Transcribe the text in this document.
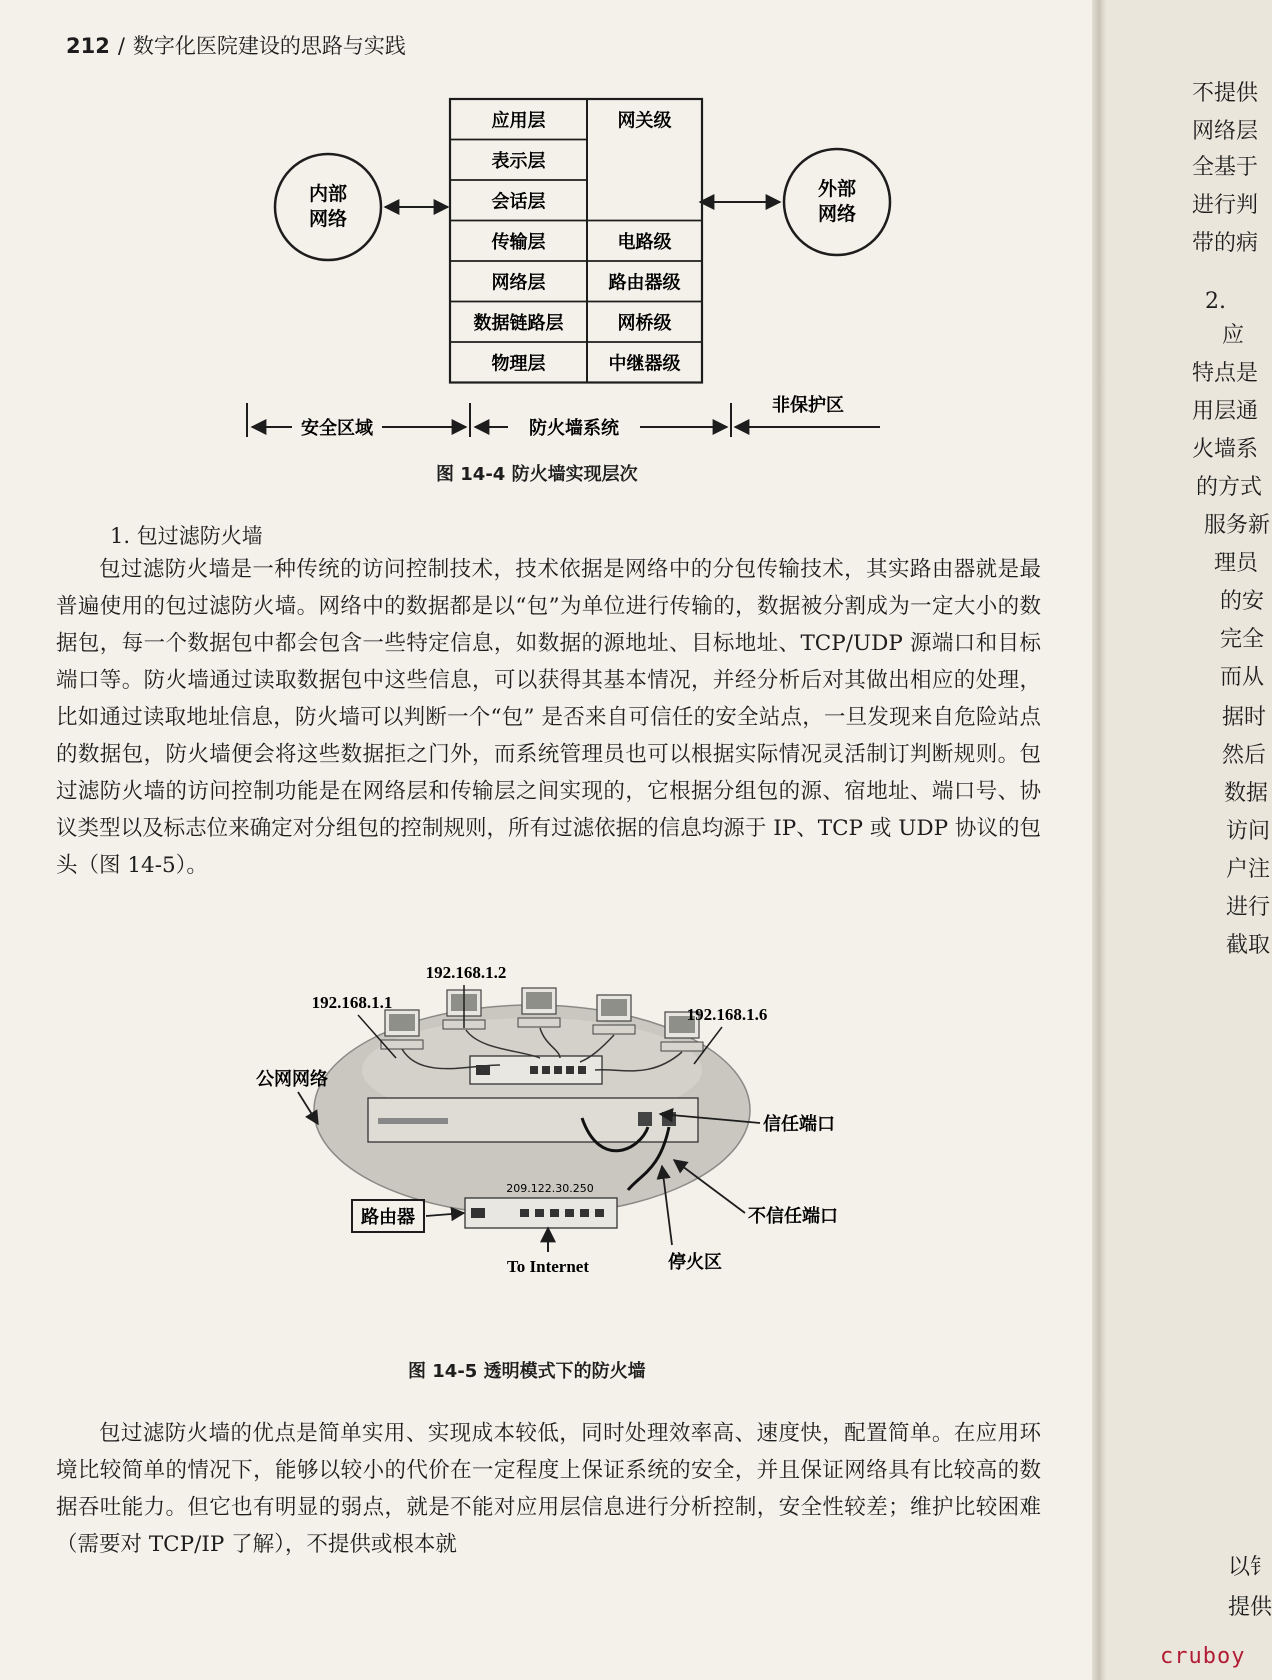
212 / 数字化医院建设的思路与实践
内部
网络
应用层
表示层
会话层
传输层
网络层
数据链路层
物理层
网关级
电路级
路由器级
网桥级
中继器级
外部
网络
安全区域	防火墙系统
非保护区
图 14-4 防火墙实现层次
1. 包过滤防火墙
包过滤防火墙是一种传统的访问控制技术，技术依据是网络中的分包传输技术，其实路由器就是最普遍使用的包过滤防火墙。网络中的数据都是以“包”为单位进行传输的，数据被分割成为一定大小的数据包，每一个数据包中都会包含一些特定信息，如数据的源地址、目标地址、TCP/UDP 源端口和目标端口等。防火墙通过读取数据包中这些信息，可以获得其基本情况，并经分析后对其做出相应的处理，比如通过读取地址信息，防火墙可以判断一个“包” 是否来自可信任的安全站点，一旦发现来自危险站点的数据包，防火墙便会将这些数据拒之门外，而系统管理员也可以根据实际情况灵活制订判断规则。包过滤防火墙的访问控制功能是在网络层和传输层之间实现的，它根据分组包的源、宿地址、端口号、协议类型以及标志位来确定对分组包的控制规则，所有过滤依据的信息均源于 IP、TCP 或 UDP 协议的包头（图 14-5）。
209.122.30.250
To Internet
路由器
192.168.1.2
192.168.1.1
192.168.1.6
公网网络
信任端口
不信任端口
停火区
图 14-5 透明模式下的防火墙
包过滤防火墙的优点是简单实用、实现成本较低，同时处理效率高、速度快，配置简单。在应用环境比较简单的情况下，能够以较小的代价在一定程度上保证系统的安全，并且保证网络具有比较高的数据吞吐能力。但它也有明显的弱点，就是不能对应用层信息进行分析控制，安全性较差；维护比较困难（需要对 TCP/IP 了解），不提供或根本就
不提供
网络层
全基于
进行判
带的病
2.
应
特点是
用层通
火墙系
的方式
服务新
理员
的安
完全
而从
据时
然后
数据
访问
户注
进行
截取
以钅
提供
cruboy
